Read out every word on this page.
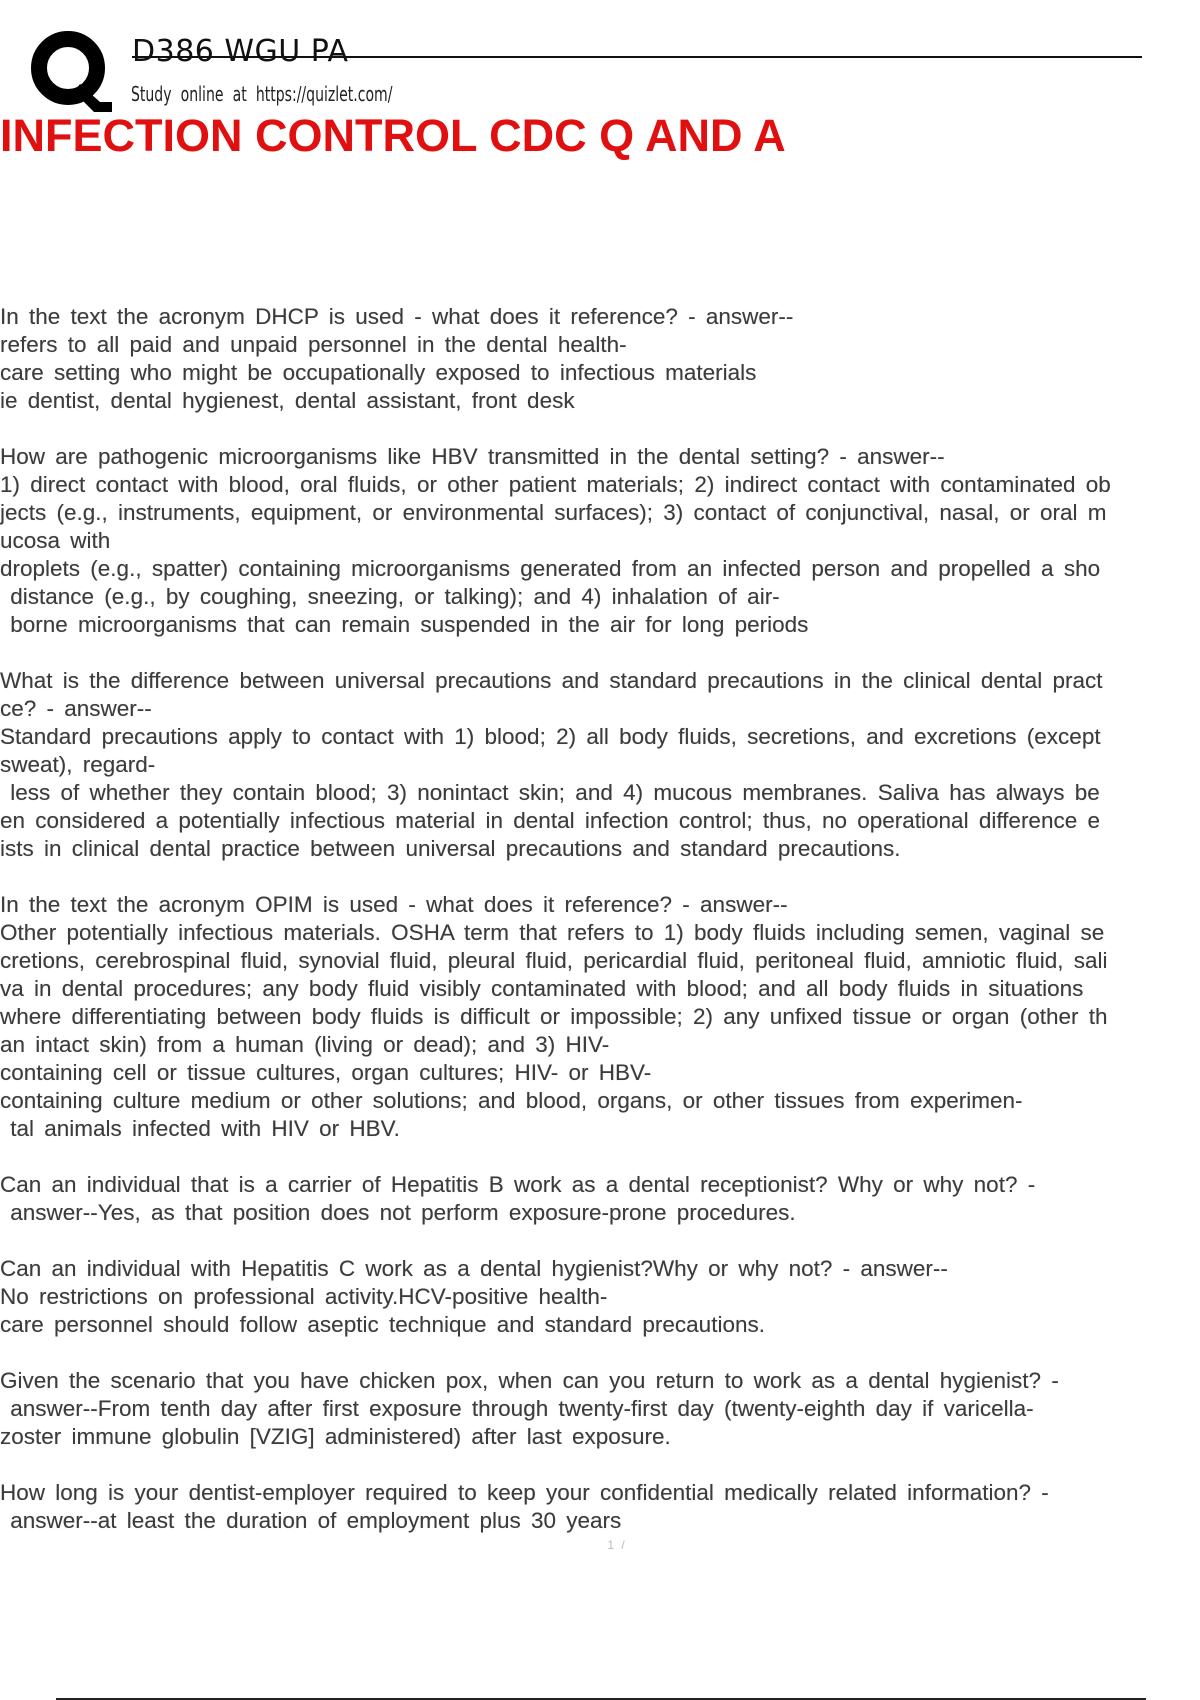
D386 WGU PA
Study online at https://quizlet.com/
INFECTION CONTROL CDC Q AND A
In the text the acronym DHCP is used - what does it reference? - answer--
refers to all paid and unpaid personnel in the dental health-
care setting who might be occupationally exposed to infectious materials
ie dentist, dental hygienest, dental assistant, front desk
How are pathogenic microorganisms like HBV transmitted in the dental setting? - answer--
1) direct contact with blood, oral fluids, or other patient materials; 2) indirect contact with contaminated ob
jects (e.g., instruments, equipment, or environmental surfaces); 3) contact of conjunctival, nasal, or oral m
ucosa with
droplets (e.g., spatter) containing microorganisms generated from an infected person and propelled a sho
distance (e.g., by coughing, sneezing, or talking); and 4) inhalation of air-
borne microorganisms that can remain suspended in the air for long periods
What is the difference between universal precautions and standard precautions in the clinical dental pract
ce? - answer--
Standard precautions apply to contact with 1) blood; 2) all body fluids, secretions, and excretions (except
sweat), regard-
less of whether they contain blood; 3) nonintact skin; and 4) mucous membranes. Saliva has always be
en considered a potentially infectious material in dental infection control; thus, no operational difference e
ists in clinical dental practice between universal precautions and standard precautions.
In the text the acronym OPIM is used - what does it reference? - answer--
Other potentially infectious materials. OSHA term that refers to 1) body fluids including semen, vaginal se
cretions, cerebrospinal fluid, synovial fluid, pleural fluid, pericardial fluid, peritoneal fluid, amniotic fluid, sali
va in dental procedures; any body fluid visibly contaminated with blood; and all body fluids in situations
where differentiating between body fluids is difficult or impossible; 2) any unfixed tissue or organ (other th
an intact skin) from a human (living or dead); and 3) HIV-
containing cell or tissue cultures, organ cultures; HIV- or HBV-
containing culture medium or other solutions; and blood, organs, or other tissues from experimen-
tal animals infected with HIV or HBV.
Can an individual that is a carrier of Hepatitis B work as a dental receptionist? Why or why not? -
answer--Yes, as that position does not perform exposure-prone procedures.
Can an individual with Hepatitis C work as a dental hygienist?Why or why not? - answer--
No restrictions on professional activity.HCV-positive health-
care personnel should follow aseptic technique and standard precautions.
Given the scenario that you have chicken pox, when can you return to work as a dental hygienist? -
answer--From tenth day after first exposure through twenty-first day (twenty-eighth day if varicella-
zoster immune globulin [VZIG] administered) after last exposure.
How long is your dentist-employer required to keep your confidential medically related information? -
answer--at least the duration of employment plus 30 years
1 /
